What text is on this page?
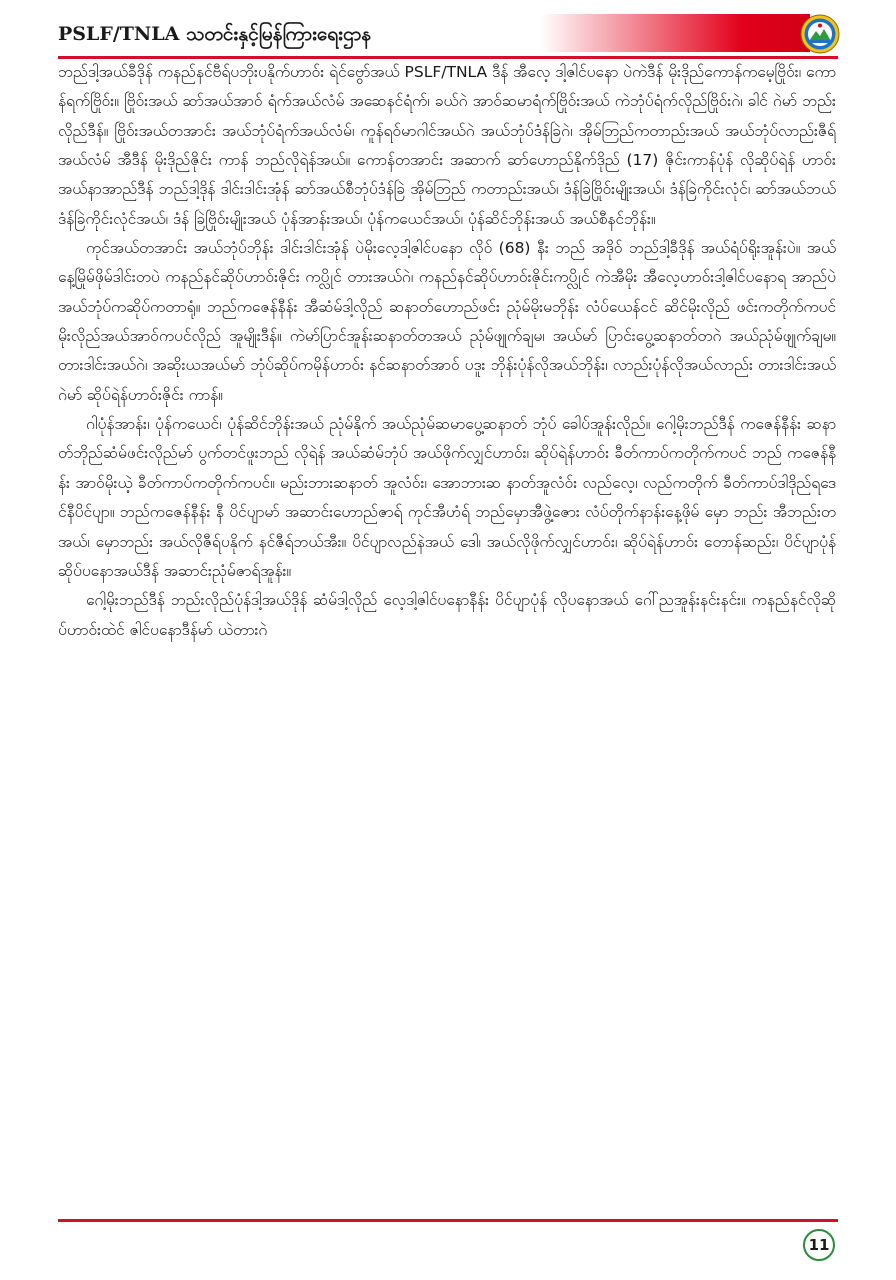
PSLF/TNLA သတင်းနှင့်မြန်ကြားရေးဌာန

ဘည်ဒါ့အယ်ခီဒိုန် ကနည်နင်ဗီရ်ပဘိုးပနိုက်ဟာဝ်း ရဲင်ဗွော်အယ် PSLF/TNLA ဒီန် အီလေ့ ဒါ့ဇါင်ပနော ပဲကဲဒီန် မိုးဒိုည်ကောန်ကမေ့ဗြိုဝ်း၊ ကောန်ရက်ဗြိုဝ်း။ ဗြိုဝ်းအယ် ဆာ်အယ်အာဝ် ရံက်အယ်လံမ် အဆေနင်ရံက်၊ ခယ်ဂဲ အာဝ်ဆမာရံက်ဗြိုဝ်းအယ် ကဲဘုံပ်ရံက်လိုည်ဗြိုဝ်းဂဲ၊ ခါင် ဂဲမာ် ဘည်းလိုည်ဒီန်။ ဗြိုဝ်းအယ်တအာင်း အယ်ဘုံပ်ရံက်အယ်လံမ်၊ ကူန်ရဝ်မာဂါင်အယ်ဂဲ အယ်ဘုံပ်ဒံန်ခြဲဂဲ၊ အိုမ်ဘြည်ကတာည်းအယ် အယ်ဘုံပ်လာည်းဇီရ်အယ်လံမ် အီဒီန် မိုးဒိုည်ဇိုင်း ကာန် ဘည်လိုရဲန်အယ်။ ကောန်တအာင်း အဆာက် ဆာ်ဟောည်နိုက်ဒိုည် (17) ဇိုင်းကာန်ပုံန် လိုဆိုပ်ရဲန် ဟာဝ်းအယ်နာအာည်ဒီန် ဘည်ဒါ့ဒိုန် ဒါင်းဒါင်းအုံန် ဆာ်အယ်စီဘုံပ်ဒံန်ခြဲ အိုမ်ဘြည် ကတာည်းအယ်၊ ဒံန်ခြဲဗြိုဝ်းမျိုးအယ်၊ ဒံန်ခြဲကိုင်းလုံင်၊ ဆာ်အယ်ဘယ်ဒံန်ခြဲကိုင်းလုံင်အယ်၊ ဒံန် ခြဲဗြိုဝ်းမျိုးအယ် ပုံန်အာန်းအယ်၊ ပုံန်ကယေင်အယ်၊ ပုံန်ဆိင်ဘိုန်းအယ် အယ်စီနင်ဘိုန်း။

ကုင်အယ်တအာင်း အယ်ဘုံပ်ဘိုန်း ဒါင်းဒါင်းအုံန် ပဲမိုးလေ့ဒါ့ဇါင်ပနော လိုဝ် (68) နီး ဘည် အဒိုဝ် ဘည်ဒါ့ခီဒိုန် အယ်ရံပ်ရိုးအူန်းပဲ။ အယ်နေ့မြိုမ်ဖိုမ်ဒါင်းတပဲ ကနည်နင်ဆိုပ်ဟာဝ်းဇိုင်း ကပ္လိုင် တားအယ်ဂဲ၊ ကနည်နင်ဆိုပ်ဟာဝ်းဇိုင်းကပ္လိုင် ကဲအီမိုး အီလေ့ဟာဝ်းဒါ့ဇါင်ပနောရ အာည်ပဲ အယ်ဘုံပ်ကဆိုပ်ကတာရုံ။ ဘည်ကဇေန်နီန်း အီဆံမ်ဒါ့လိုည် ဆနာတ်ဟောည်ဖင်း ညုံမ်မိုးမဘိုန်း လံပ်ယေန်ငင် ဆိင်မိုးလိုည် ဖင်းကတိုက်ကပင် မိုးလိုည်အယ်အာဝ်ကပင်လိုည် အူမျိုးဒီန်။ ကဲမာ်ပြာင်အူန်းဆနာတ်တအယ် ညုံမ်ဖျုက်ချမ၊ အယ်မာ် ပြာင်းပွေ့ဆနာတ်တဂဲ အယ်ညုံမ်ဖျုက်ချမ။ တားဒါင်းအယ်ဂဲ၊ အဆိုးယအယ်မာ် ဘုံပ်ဆိုပ်ကမိုန်ဟာဝ်း နင်ဆနာတ်အာဝ် ပဒူး ဘိုန်းပုံန်လိုအယ်ဘိုန်း၊ လာည်းပုံန်လိုအယ်လာည်း တားဒါင်းအယ်ဂဲမာ် ဆိုပ်ရဲန်ဟာဝ်းဇိုင်း ကာန်။

ဂါပုံန်အာန်း၊ ပုံန်ကယေင်၊ ပုံန်ဆိင်ဘိုန်းအယ် ညုံမ်နိုက် အယ်ညုံမ်ဆမာပွေ့ဆနာတ် ဘုံပ် ခေါပ်အူန်းလိုည်။ ဂေါ့မိုးဘည်ဒီန် ကဇေန်နီန်း ဆနာတ်ဘိုည်ဆံမ်ဖင်းလိုည်မာ် ပွက်တင်ဖူးဘည် လိုရဲန် အယ်ဆံမ်ဘုံပ် အယ်ဖိုက်လျှင်ဟာဝ်း၊ ဆိုပ်ရဲန်ဟာဝ်း ခီတ်ကာပ်ကတိုက်ကပင် ဘည် ကဇေန်နီန်း အာဝ်မိုးယဲ့ ခီတ်ကာပ်ကတိုက်ကပင်။ မည်းဘားဆနာတ် အူလံဝ်း၊ အောဘားဆ နာတ်အူလံဝ်း လည်လေ့၊ လည်ကတိုက် ခီတ်ကာပ်ဒါဒိုည်ရဒေင်နီပိင်ပျာ။ ဘည်ကဇေန်နီန်း နီ ပိင်ပျာမာ် အဆာင်းဟောည်ဇာရ် ကုင်အီဟံရ် ဘည်မှောအီဖွဲ့ဇေား လံပ်တိုက်နာန်းနေ့ဖိုမ် မှော ဘည်း အီဘည်းတအယ်၊ မှောဘည်း အယ်လိုဇီရ်ပနိုက် နင်ဇီရ်ဘယ်အီး။ ပိင်ပျာလည်နဲအယ် ဒေါ၊ အယ်လိုဖိုက်လျှင်ဟာဝ်း၊ ဆိုပ်ရဲန်ဟာဝ်း တောန်ဆည်း၊ ပိင်ပျာပုံန်ဆိုပ်ပနောအယ်ဒီန် အဆာင်းညုံမ်ဇာရ်အူန်း။

ဂေါ့မိုးဘည်ဒီန် ဘည်းလိုည်ပုံန်ဒါ့အယ်ဒိုန် ဆံမ်ဒါ့လိုည် လေ့ဒါ့ဇါင်ပနောနီန်း ပိင်ပျာပုံန် လိုပနောအယ် ဂေါ်ညအူန်းနင်းနင်း။ ကနည်နင်လိုဆိုပ်ဟာဝ်းထဲင် ဇါင်ပနောဒီန်မာ် ယဲတားဂဲ

11
